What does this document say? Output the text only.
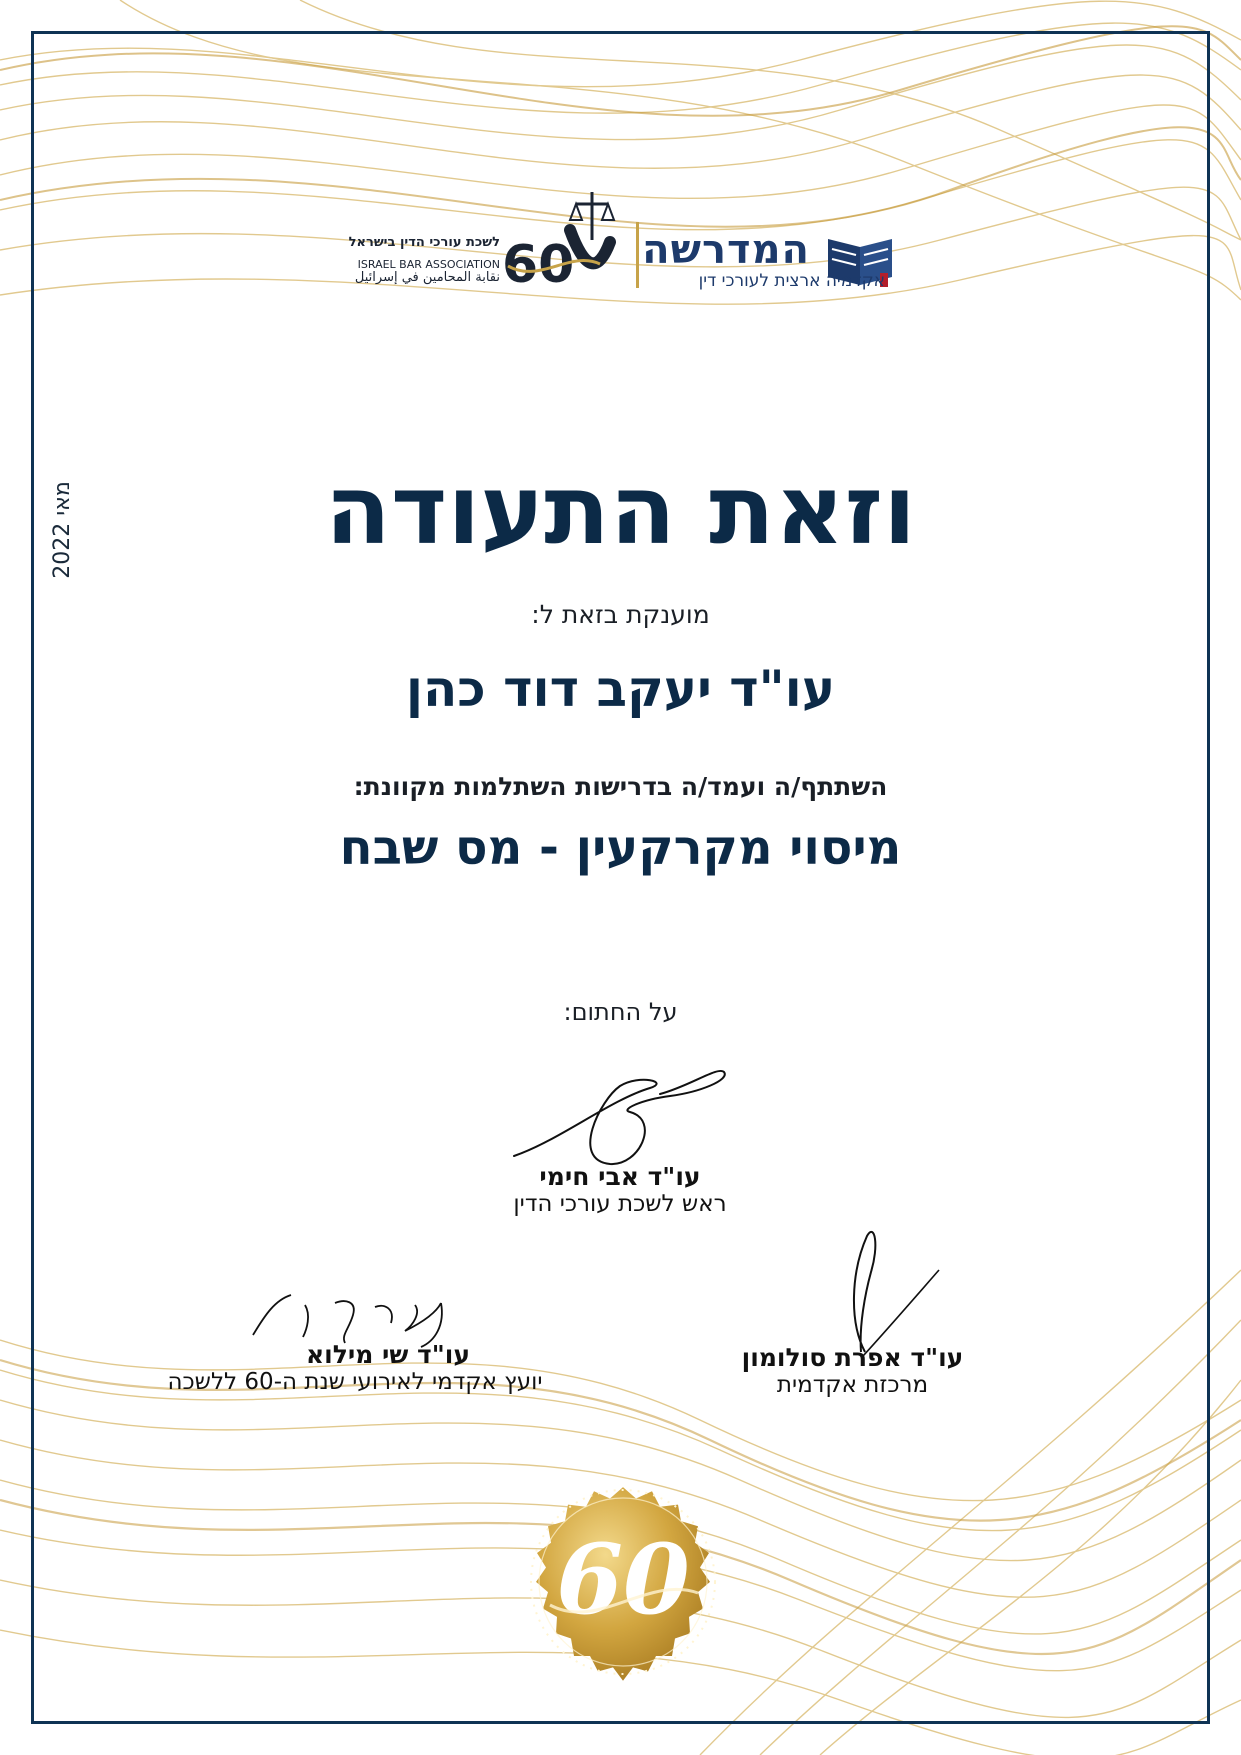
המדרשה
אקדמיה ארצית לעורכי דין
60
לשכת עורכי הדין בישראל
ISRAEL BAR ASSOCIATION
نقابة المحامين في إسرائيل
מאי 2022	וזאת התעודה
מוענקת בזאת ל:
עו"ד יעקב דוד כהן
השתתף/ה ועמד/ה בדרישות השתלמות מקוונת:
מיסוי מקרקעין - מס שבח
על החתום:
עו"ד אבי חימי
ראש לשכת עורכי הדין
עו"ד שי מילוא
יועץ אקדמי לאירועי שנת ה-60 ללשכה
עו"ד אפרת סולומון
מרכזת אקדמית
60
